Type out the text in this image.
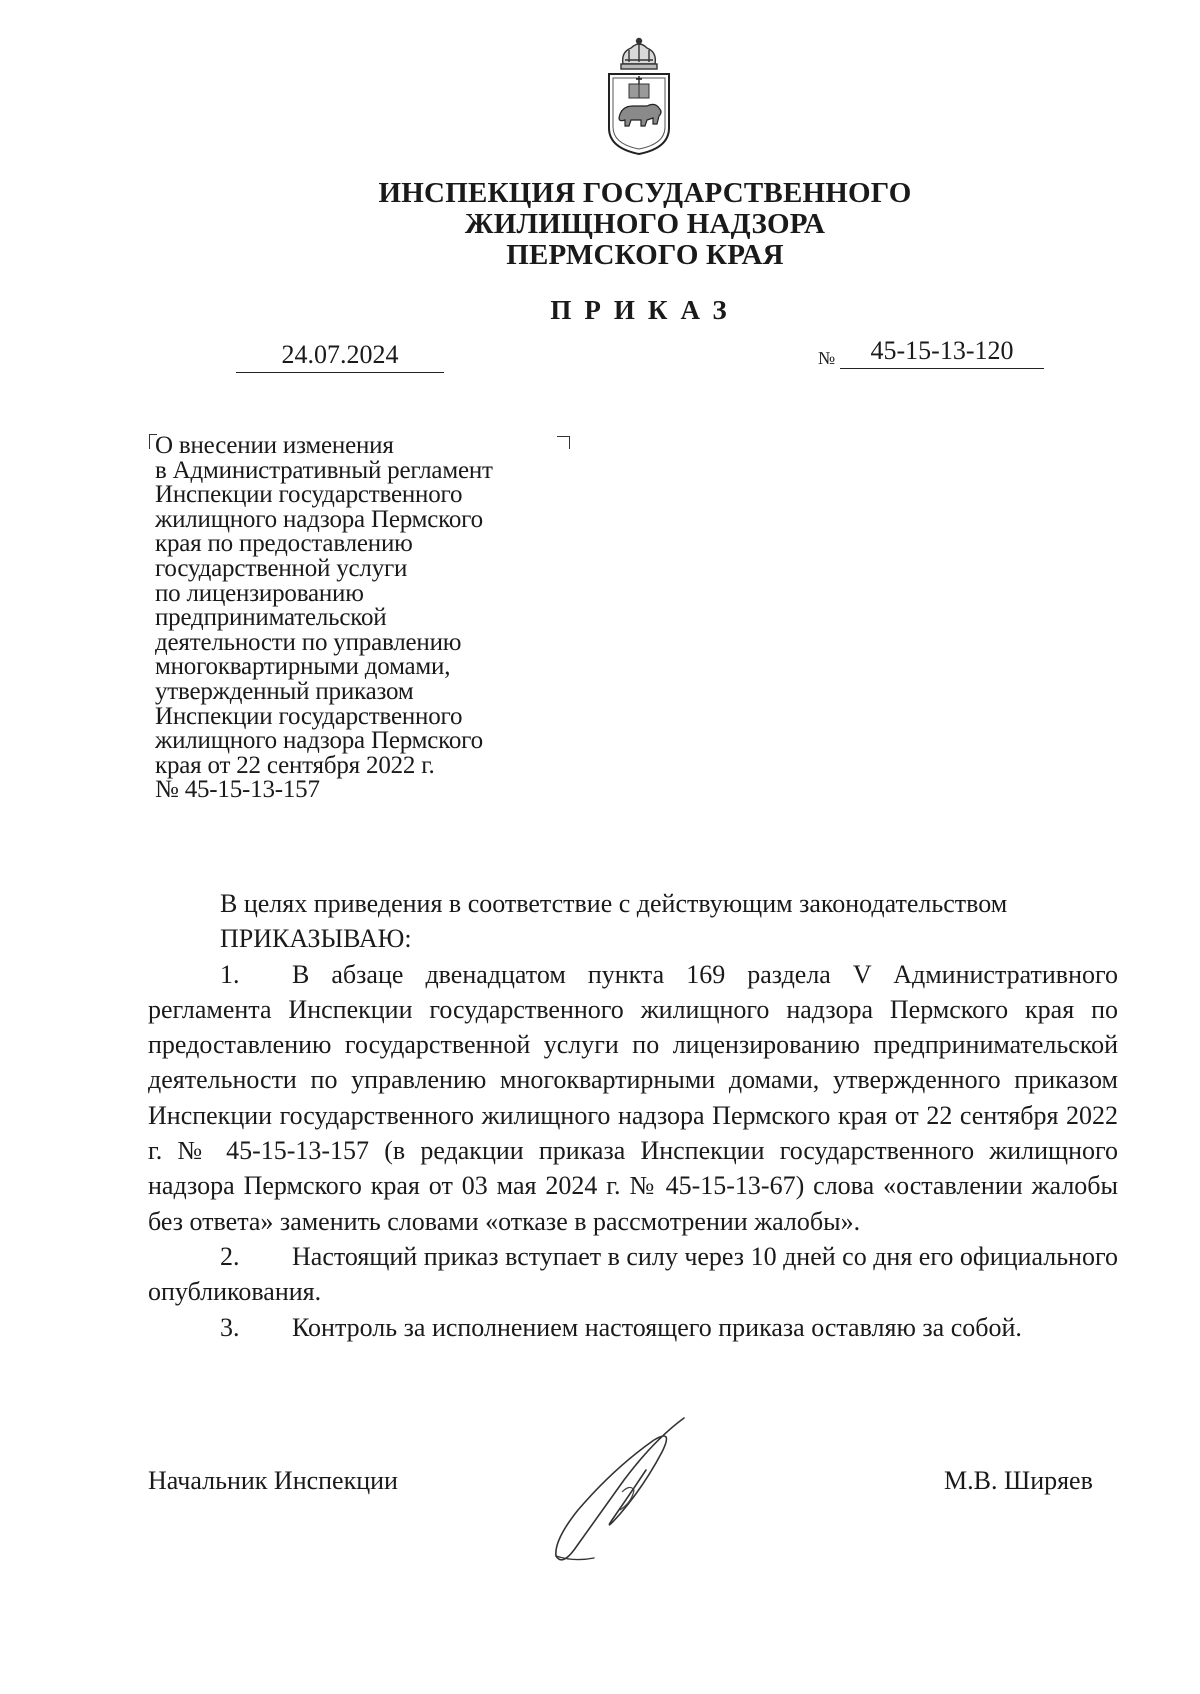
ИНСПЕКЦИЯ ГОСУДАРСТВЕННОГО
ЖИЛИЩНОГО НАДЗОРА
ПЕРМСКОГО КРАЯ
ПРИКАЗ
24.07.2024	№	45-15-13-120
О внесении изменения
в Административный регламент
Инспекции государственного
жилищного надзора Пермского
края по предоставлению
государственной услуги
по лицензированию
предпринимательской
деятельности по управлению
многоквартирными домами,
утвержденный приказом
Инспекции государственного
жилищного надзора Пермского
края от 22 сентября 2022 г.
№ 45-15-13-157

В целях приведения в соответствие с действующим законодательством

ПРИКАЗЫВАЮ:

1. В абзаце двенадцатом пункта 169 раздела V Административного регламента Инспекции государственного жилищного надзора Пермского края по предоставлению государственной услуги по лицензированию предпринимательской деятельности по управлению многоквартирными домами, утвержденного приказом Инспекции государственного жилищного надзора Пермского края от 22 сентября 2022 г. № 45-15-13-157 (в редакции приказа Инспекции государственного жилищного надзора Пермского края от 03 мая 2024 г. № 45-15-13-67) слова «оставлении жалобы без ответа» заменить словами «отказе в рассмотрении жалобы».

2. Настоящий приказ вступает в силу через 10 дней со дня его официального опубликования.

3. Контроль за исполнением настоящего приказа оставляю за собой.

Начальник Инспекции	М.В. Ширяев
